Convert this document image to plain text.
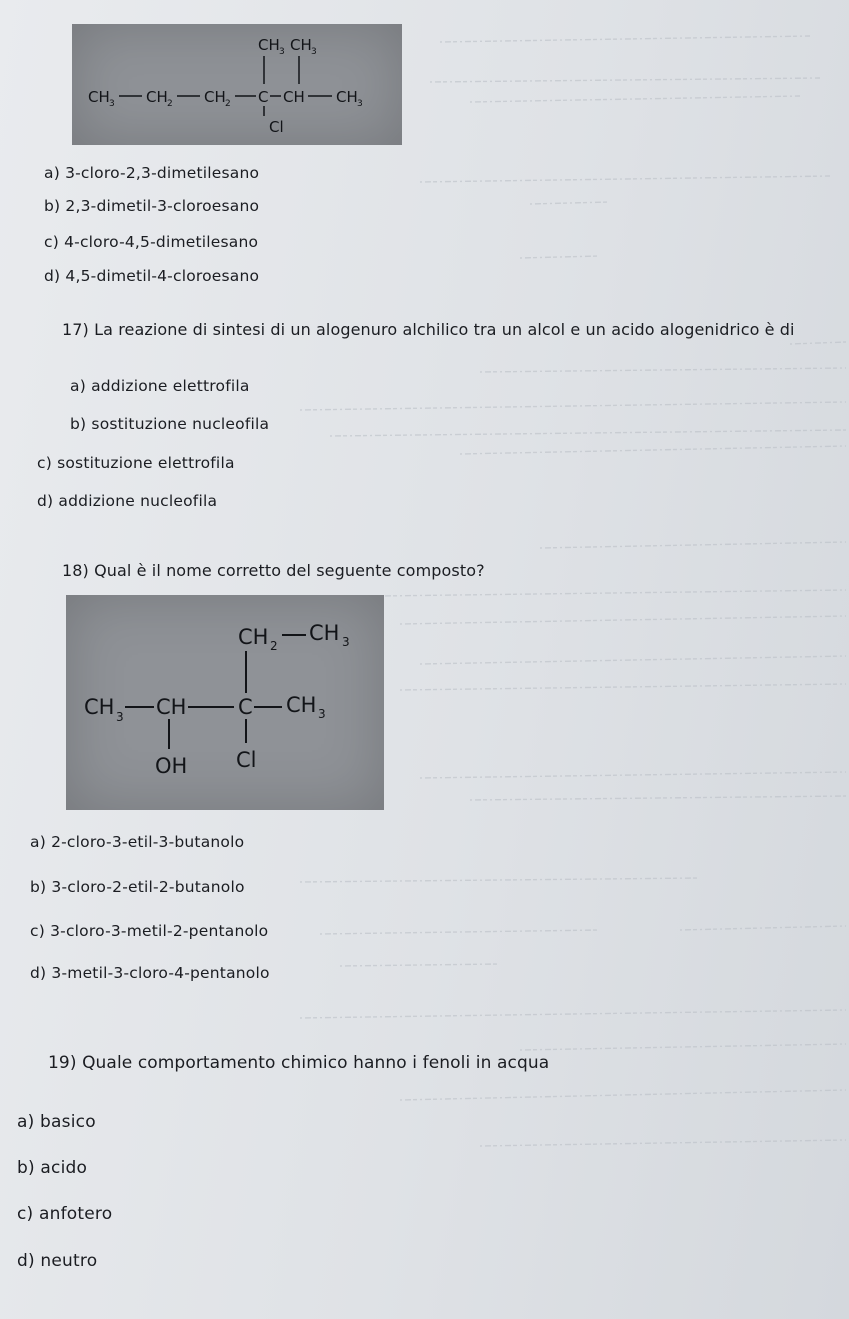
CH 3 CH 2 CH 2 C CH CH 3
CH 3 CH 3
Cl
a) 3-cloro-2,3-dimetilesano
b) 2,3-dimetil-3-cloroesano
c) 4-cloro-4,5-dimetilesano
d) 4,5-dimetil-4-cloroesano
17) La reazione di sintesi di un alogenuro alchilico tra un alcol e un acido alogenidrico è di
a) addizione elettrofila
b) sostituzione nucleofila
c) sostituzione elettrofila
d) addizione nucleofila
18) Qual è il nome corretto del seguente composto?
CH 2
CH 3
CH 3 CH C CH 3
OH Cl
a) 2-cloro-3-etil-3-butanolo
b) 3-cloro-2-etil-2-butanolo
c) 3-cloro-3-metil-2-pentanolo
d) 3-metil-3-cloro-4-pentanolo
19) Quale comportamento chimico hanno i fenoli in acqua
a) basico
b) acido
c) anfotero
d) neutro
